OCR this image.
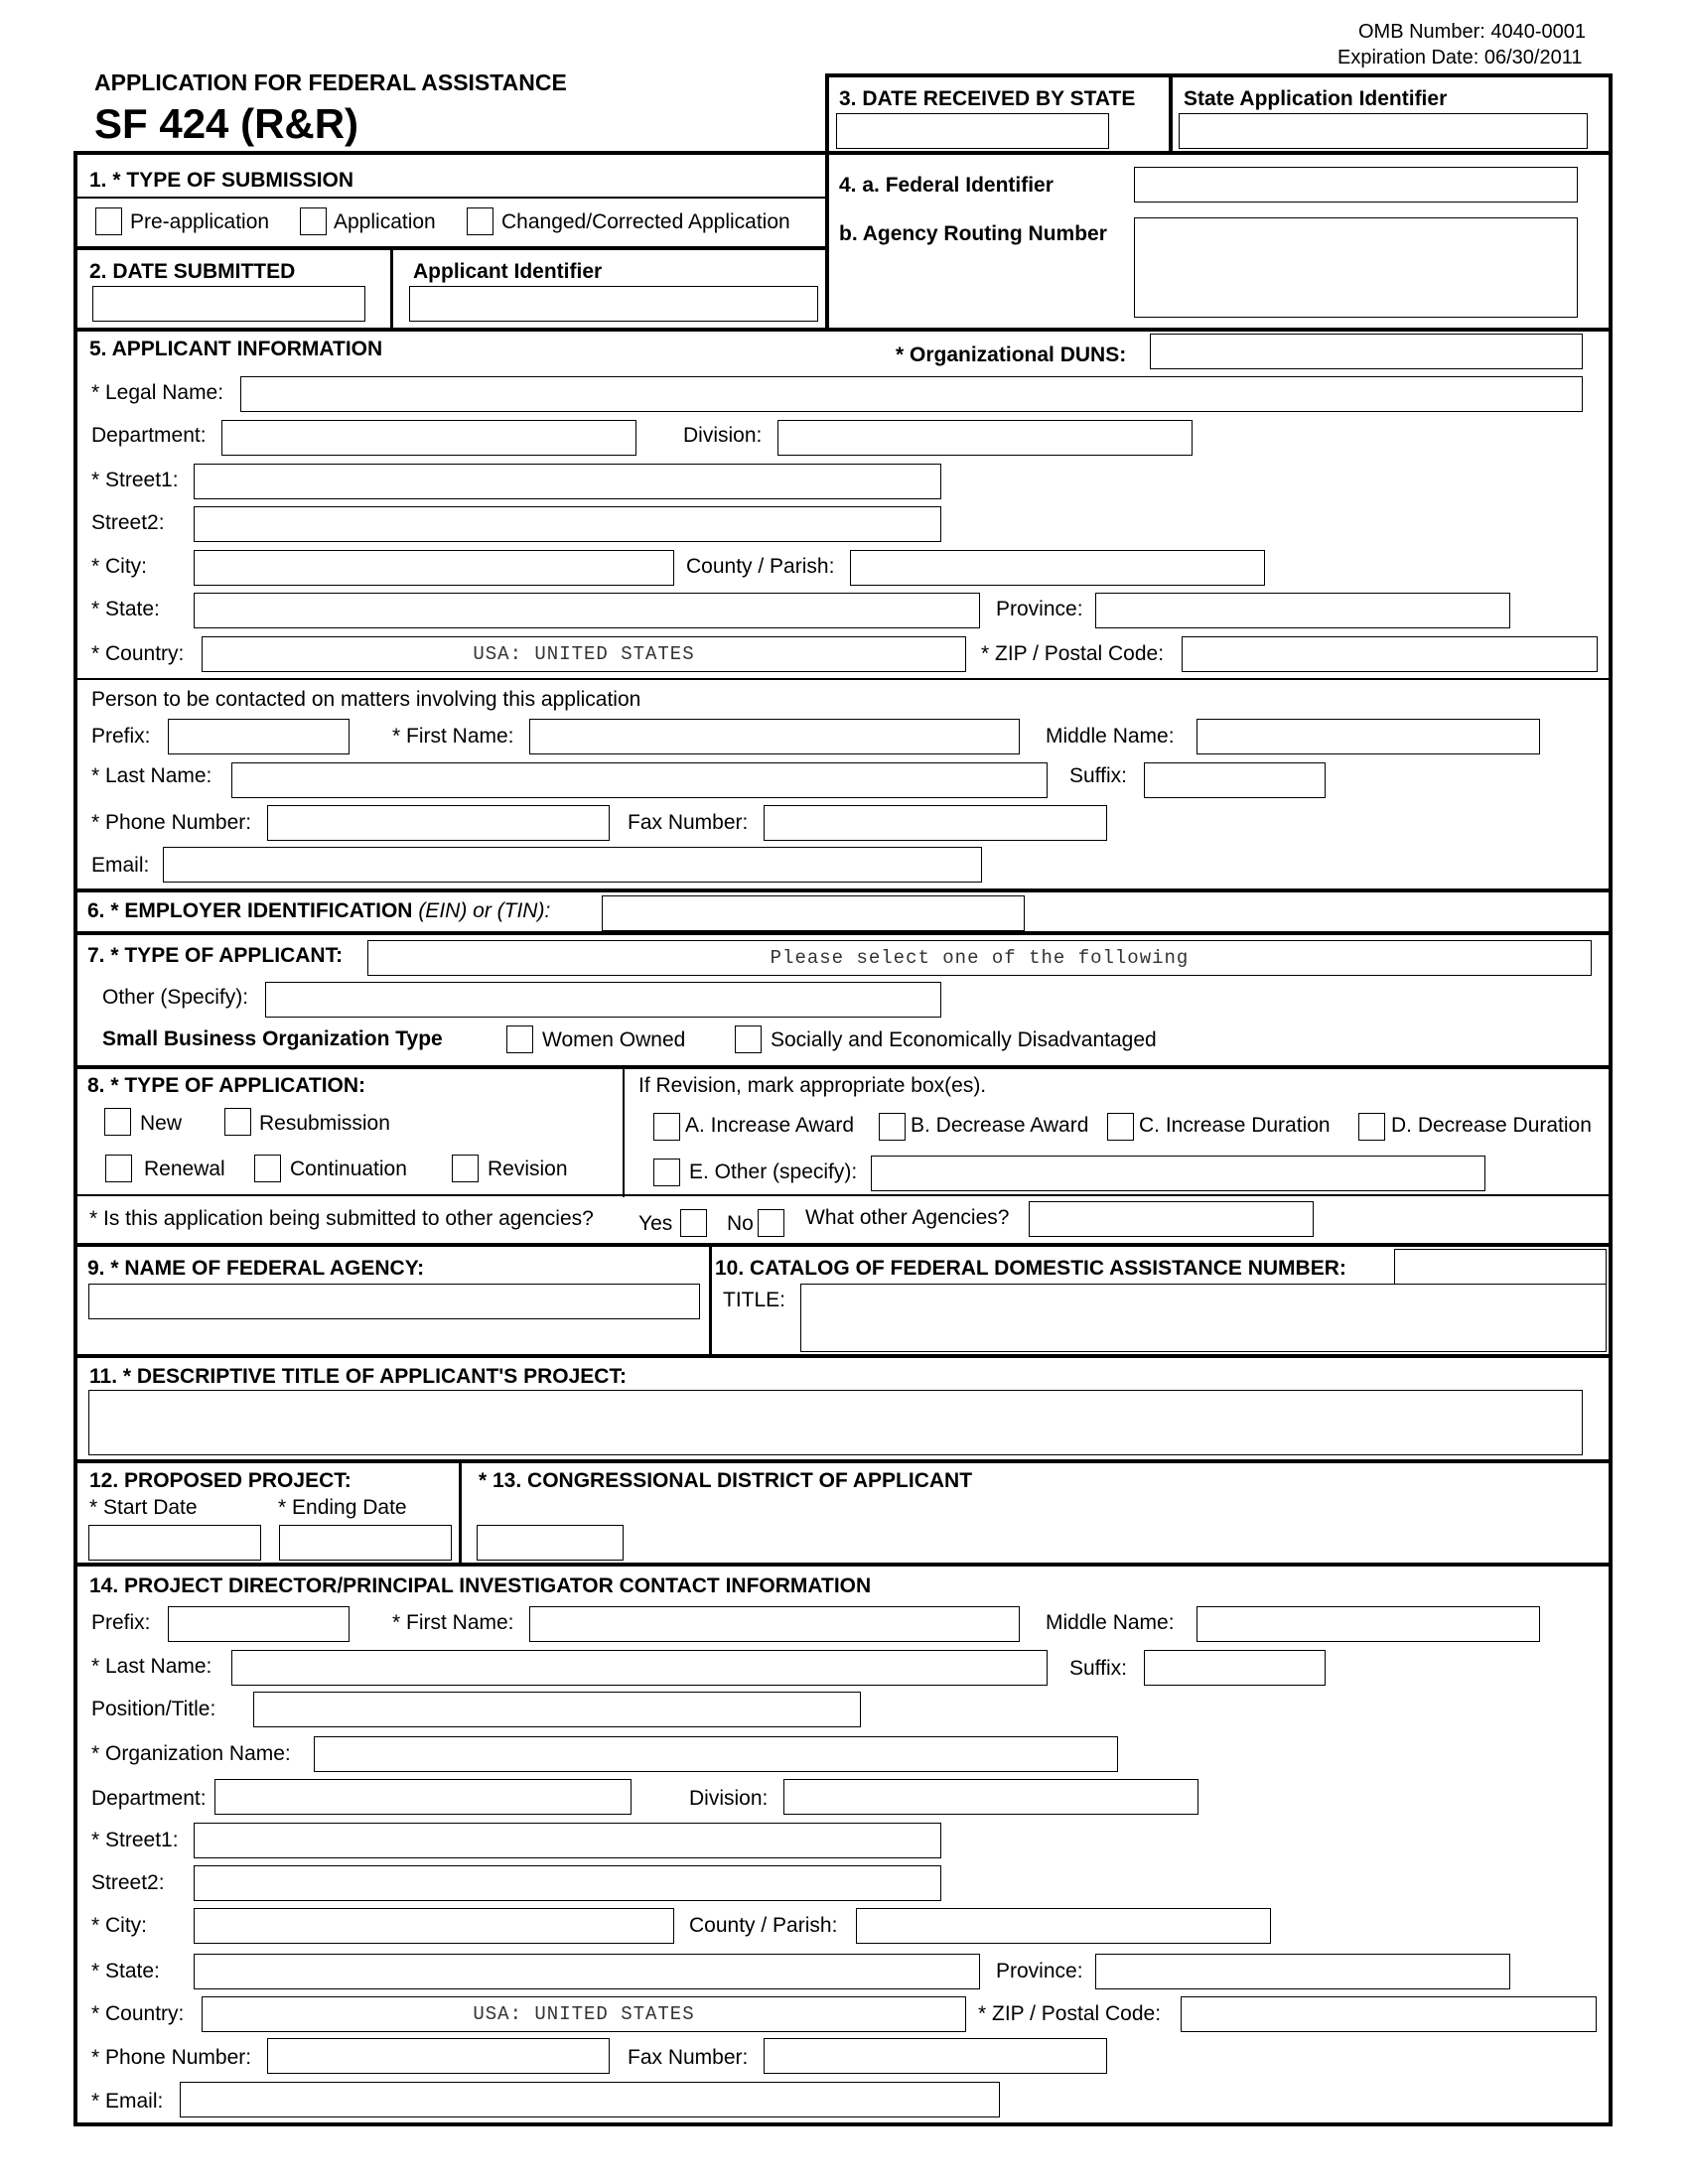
OMB Number: 4040-0001
Expiration Date: 06/30/2011
APPLICATION FOR FEDERAL ASSISTANCE
SF 424 (R&R)
3. DATE RECEIVED BY STATE State Application Identifier
1. * TYPE OF SUBMISSION
Pre-application	Application	Changed/Corrected Application
2. DATE SUBMITTED	Applicant Identifier
4. a. Federal Identifier
b. Agency Routing Number
5. APPLICANT INFORMATION	* Organizational DUNS:
* Legal Name:
Department:	Division:
* Street1:
Street2:
* City:	County / Parish:
* State:	Province:
* Country:	USA: UNITED STATES	* ZIP / Postal Code:
Person to be contacted on matters involving this application
Prefix:	* First Name:	Middle Name:
* Last Name:	Suffix:
* Phone Number:	Fax Number:
Email:
6. * EMPLOYER IDENTIFICATION (EIN) or (TIN):
7. * TYPE OF APPLICANT:	Please select one of the following
Other (Specify):
Small Business Organization Type	Women Owned	Socially and Economically Disadvantaged
8. * TYPE OF APPLICATION:
New	Resubmission
Renewal	Continuation	Revision
If Revision, mark appropriate box(es).
A. Increase Award	B. Decrease Award C. Increase Duration	D. Decrease Duration
E. Other (specify):
* Is this application being submitted to other agencies? Yes	No What other Agencies?
9. * NAME OF FEDERAL AGENCY:	10. CATALOG OF FEDERAL DOMESTIC ASSISTANCE NUMBER:
TITLE:
11. * DESCRIPTIVE TITLE OF APPLICANT'S PROJECT:
12. PROPOSED PROJECT:
* Start Date	* Ending Date
* 13. CONGRESSIONAL DISTRICT OF APPLICANT
14. PROJECT DIRECTOR/PRINCIPAL INVESTIGATOR CONTACT INFORMATION
Prefix:	* First Name:	Middle Name:
* Last Name:	Suffix:
Position/Title:
* Organization Name:
Department:	Division:
* Street1:
Street2:
* City:	County / Parish:
* State:	Province:
* Country:	USA: UNITED STATES	* ZIP / Postal Code:
* Phone Number:	Fax Number:
* Email:
